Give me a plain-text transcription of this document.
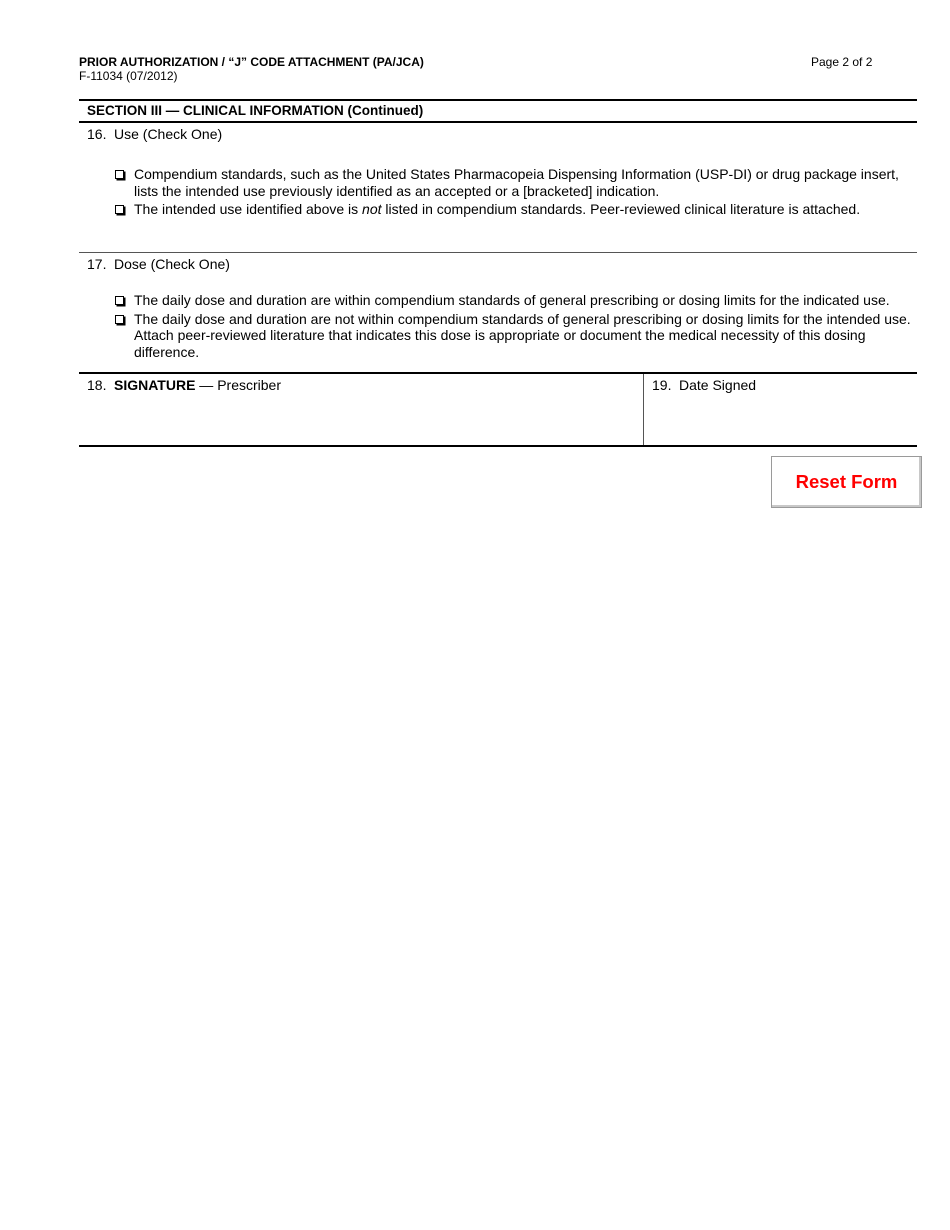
PRIOR AUTHORIZATION / “J” CODE ATTACHMENT (PA/JCA)
F-11034 (07/2012)
Page 2 of 2
SECTION III — CLINICAL INFORMATION (Continued)
16. Use (Check One)
Compendium standards, such as the United States Pharmacopeia Dispensing Information (USP-DI) or drug package insert, lists the intended use previously identified as an accepted or a [bracketed] indication.
The intended use identified above is not listed in compendium standards. Peer-reviewed clinical literature is attached.
17. Dose (Check One)
The daily dose and duration are within compendium standards of general prescribing or dosing limits for the indicated use.
The daily dose and duration are not within compendium standards of general prescribing or dosing limits for the intended use. Attach peer-reviewed literature that indicates this dose is appropriate or document the medical necessity of this dosing difference.
18. SIGNATURE — Prescriber	19. Date Signed
Reset Form
